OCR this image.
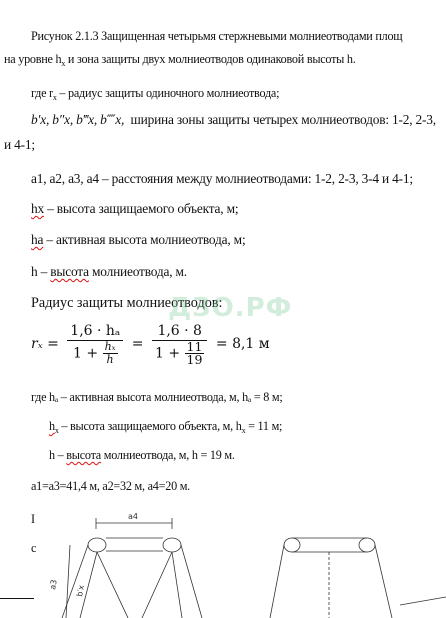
Рисунок 2.1.3 Защищенная четырьмя стержневыми молниеотводами площ
на уровне $h_x$ и зона защиты двух молниеотводов одинаковой высоты h.
где $r_x$ – радиус защиты одиночного молниеотвода;
b′x, b″x, b‴x, b⁗x, ширина зоны защиты четырех молниеотводов: 1-2, 2-3,
и 4-1;
a1, a2, a3, a4 – расстояния между молниеотводами: 1-2, 2-3, 3-4 и 4-1;
hx – высота защищаемого объекта, м;
ha – активная высота молниеотвода, м;
h – высота молниеотвода, м.
Радиус защиты молниеотводов:
ДЗО.РФ
$r_x = \frac{\text{1,6 · hₐ}}{1 + \frac{\text{hₓ}}{h}} = \frac{1,6 \cdot 8}{1 + \frac{11}{19}} = 8,1$ м
где hₐ – активная высота молниеотвода, м, hₐ = 8 м;
$h_x$ – высота защищаемого объекта, м, $h_x = 11$ м;
h – высота молниеотвода, м, h = 19 м.
a1=a3=41,4 м, a2=32 м, a4=20 м.
I
c
a4
a3 b′x
